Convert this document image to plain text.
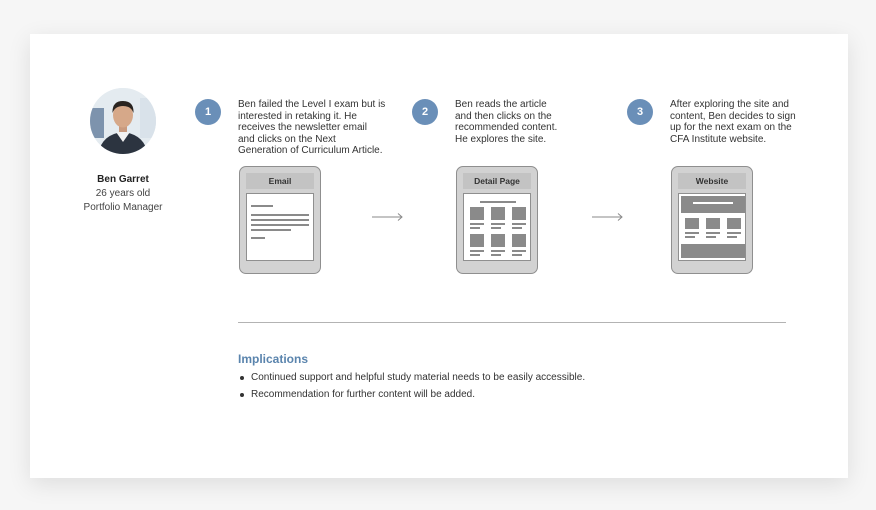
Ben Garret
26 years old
Portfolio Manager
1
Ben failed the Level I exam but is
interested in retaking it. He
receives the newsletter email
and clicks on the Next
Generation of Curriculum Article.
Email
2
Ben reads the article
and then clicks on the
recommended content.
He explores the site.
Detail Page
3
After exploring the site and
content, Ben decides to sign
up for the next exam on the
CFA Institute website.
Website
Implications
Continued support and helpful study material needs to be easily accessible.
Recommendation for further content will be added.
